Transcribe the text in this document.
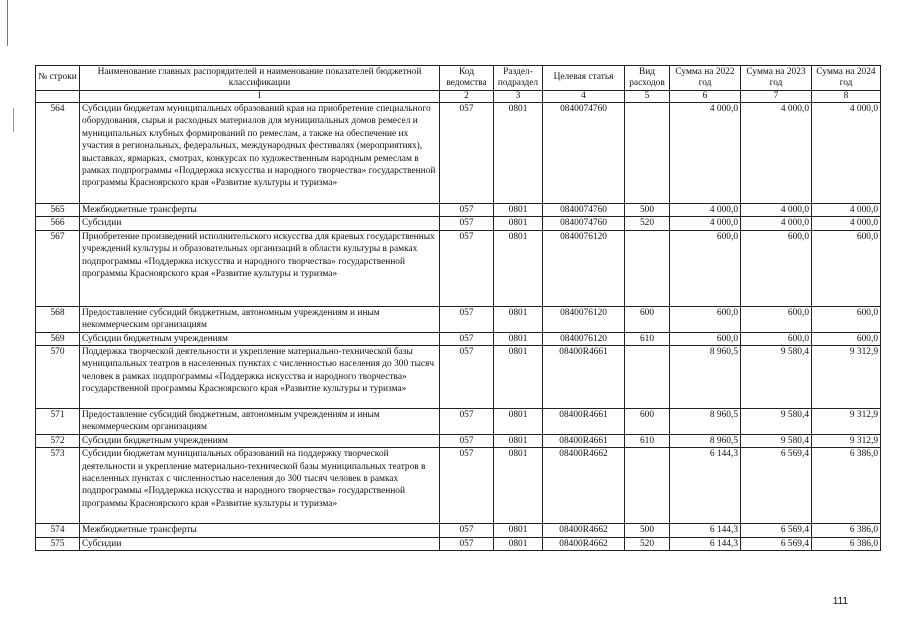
№ строки	Наименование главных распорядителей и наименование показателей бюджетной классификации	Код ведомства	Раздел-подраздел	Целевая статья	Вид расходов	Сумма на 2022 год	Сумма на 2023 год	Сумма на 2024 год
	1	2	3	4	5	6	7	8
564	Субсидии бюджетам муниципальных образований края на приобретение специального оборудования, сырья и расходных материалов для муниципальных домов ремесел и муниципальных клубных формирований по ремеслам, а также на обеспечение их участия в региональных, федеральных, международных фестивалях (мероприятиях), выставках, ярмарках, смотрах, конкурсах по художественным народным ремеслам в рамках подпрограммы «Поддержка искусства и народного творчества» государственной программы Красноярского края «Развитие культуры и туризма»	057	0801	0840074760		4 000,0	4 000,0	4 000,0
565	Межбюджетные трансферты	057	0801	0840074760	500	4 000,0	4 000,0	4 000,0
566	Субсидии	057	0801	0840074760	520	4 000,0	4 000,0	4 000,0
567	Приобретение произведений исполнительского искусства для краевых государственных учреждений культуры и образовательных организаций в области культуры в рамках подпрограммы «Поддержка искусства и народного творчества» государственной программы Красноярского края «Развитие культуры и туризма»	057	0801	0840076120		600,0	600,0	600,0
568	Предоставление субсидий бюджетным, автономным учреждениям и иным некоммерческим организациям	057	0801	0840076120	600	600,0	600,0	600,0
569	Субсидии бюджетным учреждениям	057	0801	0840076120	610	600,0	600,0	600,0
570	Поддержка творческой деятельности и укрепление материально-технической базы муниципальных театров в населенных пунктах с численностью населения до 300 тысяч человек в рамках подпрограммы «Поддержка искусства и народного творчества» государственной программы Красноярского края «Развитие культуры и туризма»	057	0801	08400R4661		8 960,5	9 580,4	9 312,9
571	Предоставление субсидий бюджетным, автономным учреждениям и иным некоммерческим организациям	057	0801	08400R4661	600	8 960,5	9 580,4	9 312,9
572	Субсидии бюджетным учреждениям	057	0801	08400R4661	610	8 960,5	9 580,4	9 312,9
573	Субсидии бюджетам муниципальных образований на поддержку творческой деятельности и укрепление материально-технической базы муниципальных театров в населенных пунктах с численностью населения до 300 тысяч человек в рамках подпрограммы «Поддержка искусства и народного творчества» государственной программы Красноярского края «Развитие культуры и туризма»	057	0801	08400R4662		6 144,3	6 569,4	6 386,0
574	Межбюджетные трансферты	057	0801	08400R4662	500	6 144,3	6 569,4	6 386,0
575	Субсидии	057	0801	08400R4662	520	6 144,3	6 569,4	6 386,0
111
